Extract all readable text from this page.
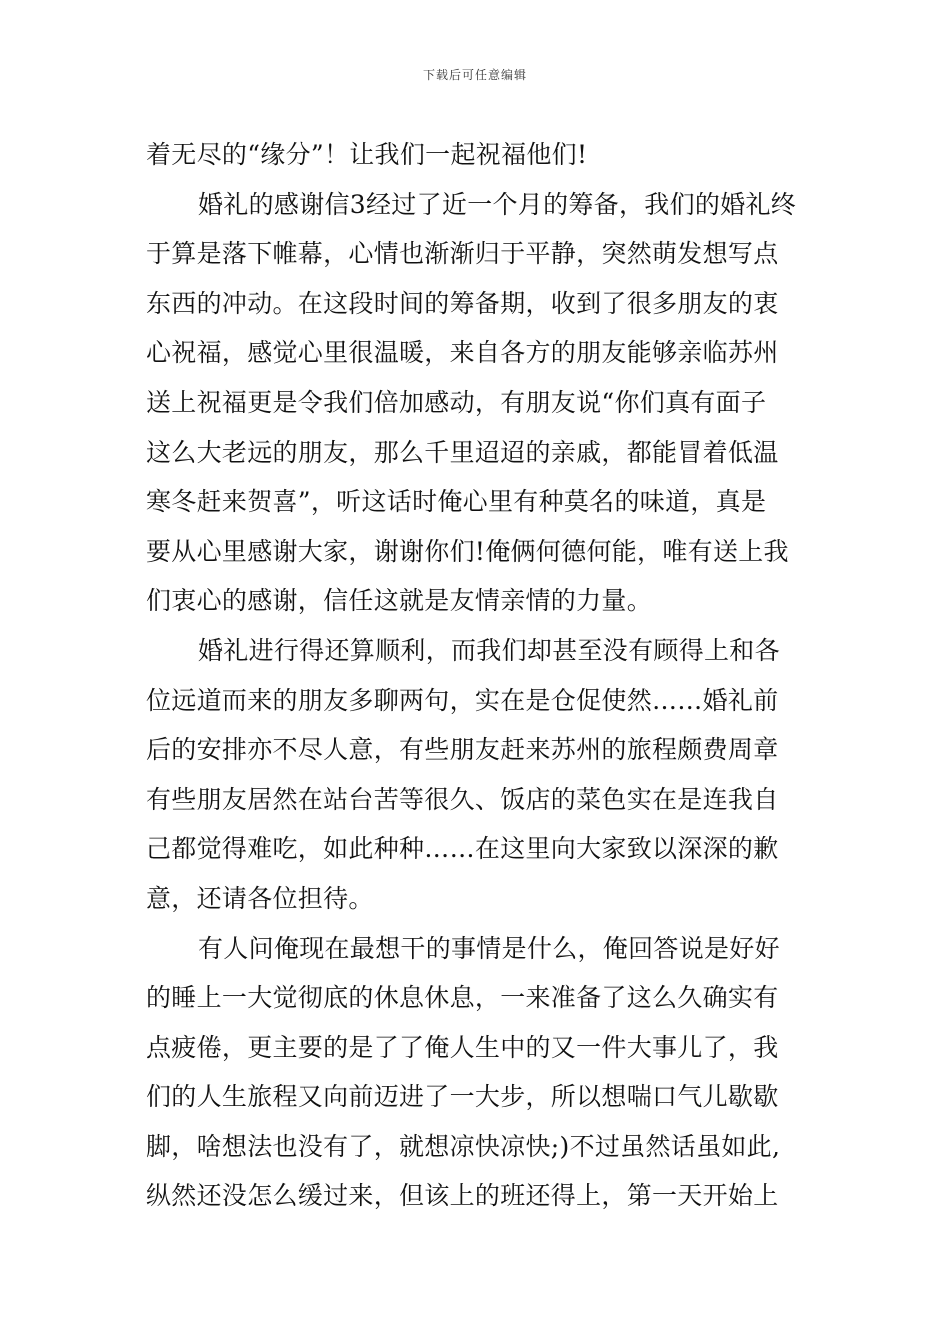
下载后可任意编辑
着无尽的“缘分”！让我们一起祝福他们!
婚礼的感谢信3经过了近一个月的筹备，我们的婚礼终
于算是落下帷幕，心情也渐渐归于平静，突然萌发想写点
东西的冲动。在这段时间的筹备期，收到了很多朋友的衷
心祝福，感觉心里很温暖，来自各方的朋友能够亲临苏州
送上祝福更是令我们倍加感动，有朋友说“你们真有面子
这么大老远的朋友，那么千里迢迢的亲戚，都能冒着低温
寒冬赶来贺喜”，听这话时俺心里有种莫名的味道，真是
要从心里感谢大家，谢谢你们!俺俩何德何能，唯有送上我
们衷心的感谢，信任这就是友情亲情的力量。
婚礼进行得还算顺利，而我们却甚至没有顾得上和各
位远道而来的朋友多聊两句，实在是仓促使然……婚礼前
后的安排亦不尽人意，有些朋友赶来苏州的旅程颇费周章
有些朋友居然在站台苦等很久、饭店的菜色实在是连我自
己都觉得难吃，如此种种……在这里向大家致以深深的歉
意，还请各位担待。
有人问俺现在最想干的事情是什么，俺回答说是好好
的睡上一大觉彻底的休息休息，一来准备了这么久确实有
点疲倦，更主要的是了了俺人生中的又一件大事儿了，我
们的人生旅程又向前迈进了一大步，所以想喘口气儿歇歇
脚，啥想法也没有了，就想凉快凉快;)不过虽然话虽如此,
纵然还没怎么缓过来，但该上的班还得上，第一天开始上
